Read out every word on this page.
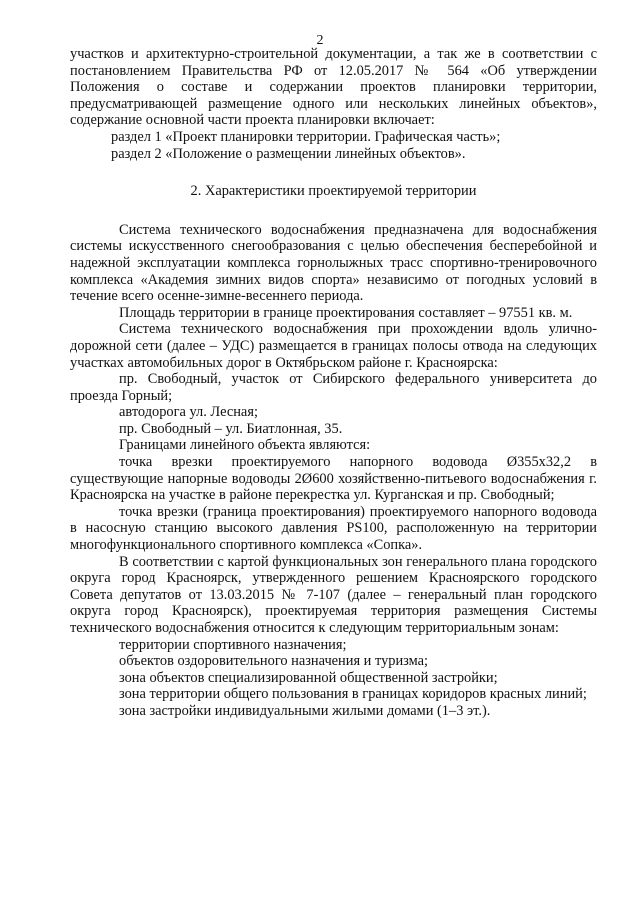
2

участков и архитектурно-строительной документации, а так же в соответствии с постановлением Правительства РФ от 12.05.2017 № 564 «Об утверждении Положения о составе и содержании проектов планировки территории, предусматривающей размещение одного или нескольких линейных объектов», содержание основной части проекта планировки включает:

раздел 1 «Проект планировки территории. Графическая часть»;

раздел 2 «Положение о размещении линейных объектов».

2. Характеристики проектируемой территории

Система технического водоснабжения предназначена для водоснабжения системы искусственного снегообразования с целью обеспечения бесперебойной и надежной эксплуатации комплекса горнолыжных трасс спортивно-тренировочного комплекса «Академия зимних видов спорта» независимо от погодных условий в течение всего осенне-зимне-весеннего периода.

Площадь территории в границе проектирования составляет – 97551 кв. м.

Система технического водоснабжения при прохождении вдоль улично-дорожной сети (далее – УДС) размещается в границах полосы отвода на следующих участках автомобильных дорог в Октябрьском районе г. Красноярска:

пр. Свободный, участок от Сибирского федерального университета до проезда Горный;

автодорога ул. Лесная;

пр. Свободный – ул. Биатлонная, 35.

Границами линейного объекта являются:

точка врезки проектируемого напорного водовода Ø355x32,2 в существующие напорные водоводы 2Ø600 хозяйственно-питьевого водоснабжения г. Красноярска на участке в районе перекрестка ул. Курганская и пр. Свободный;

точка врезки (граница проектирования) проектируемого напорного водовода в насосную станцию высокого давления PS100, расположенную на территории многофункционального спортивного комплекса «Сопка».

В соответствии с картой функциональных зон генерального плана городского округа город Красноярск, утвержденного решением Красноярского городского Совета депутатов от 13.03.2015 № 7-107 (далее – генеральный план городского округа город Красноярск), проектируемая территория размещения Системы технического водоснабжения относится к следующим территориальным зонам:

территории спортивного назначения;

объектов оздоровительного назначения и туризма;

зона объектов специализированной общественной застройки;

зона территории общего пользования в границах коридоров красных линий;

зона застройки индивидуальными жилыми домами (1–3 эт.).
